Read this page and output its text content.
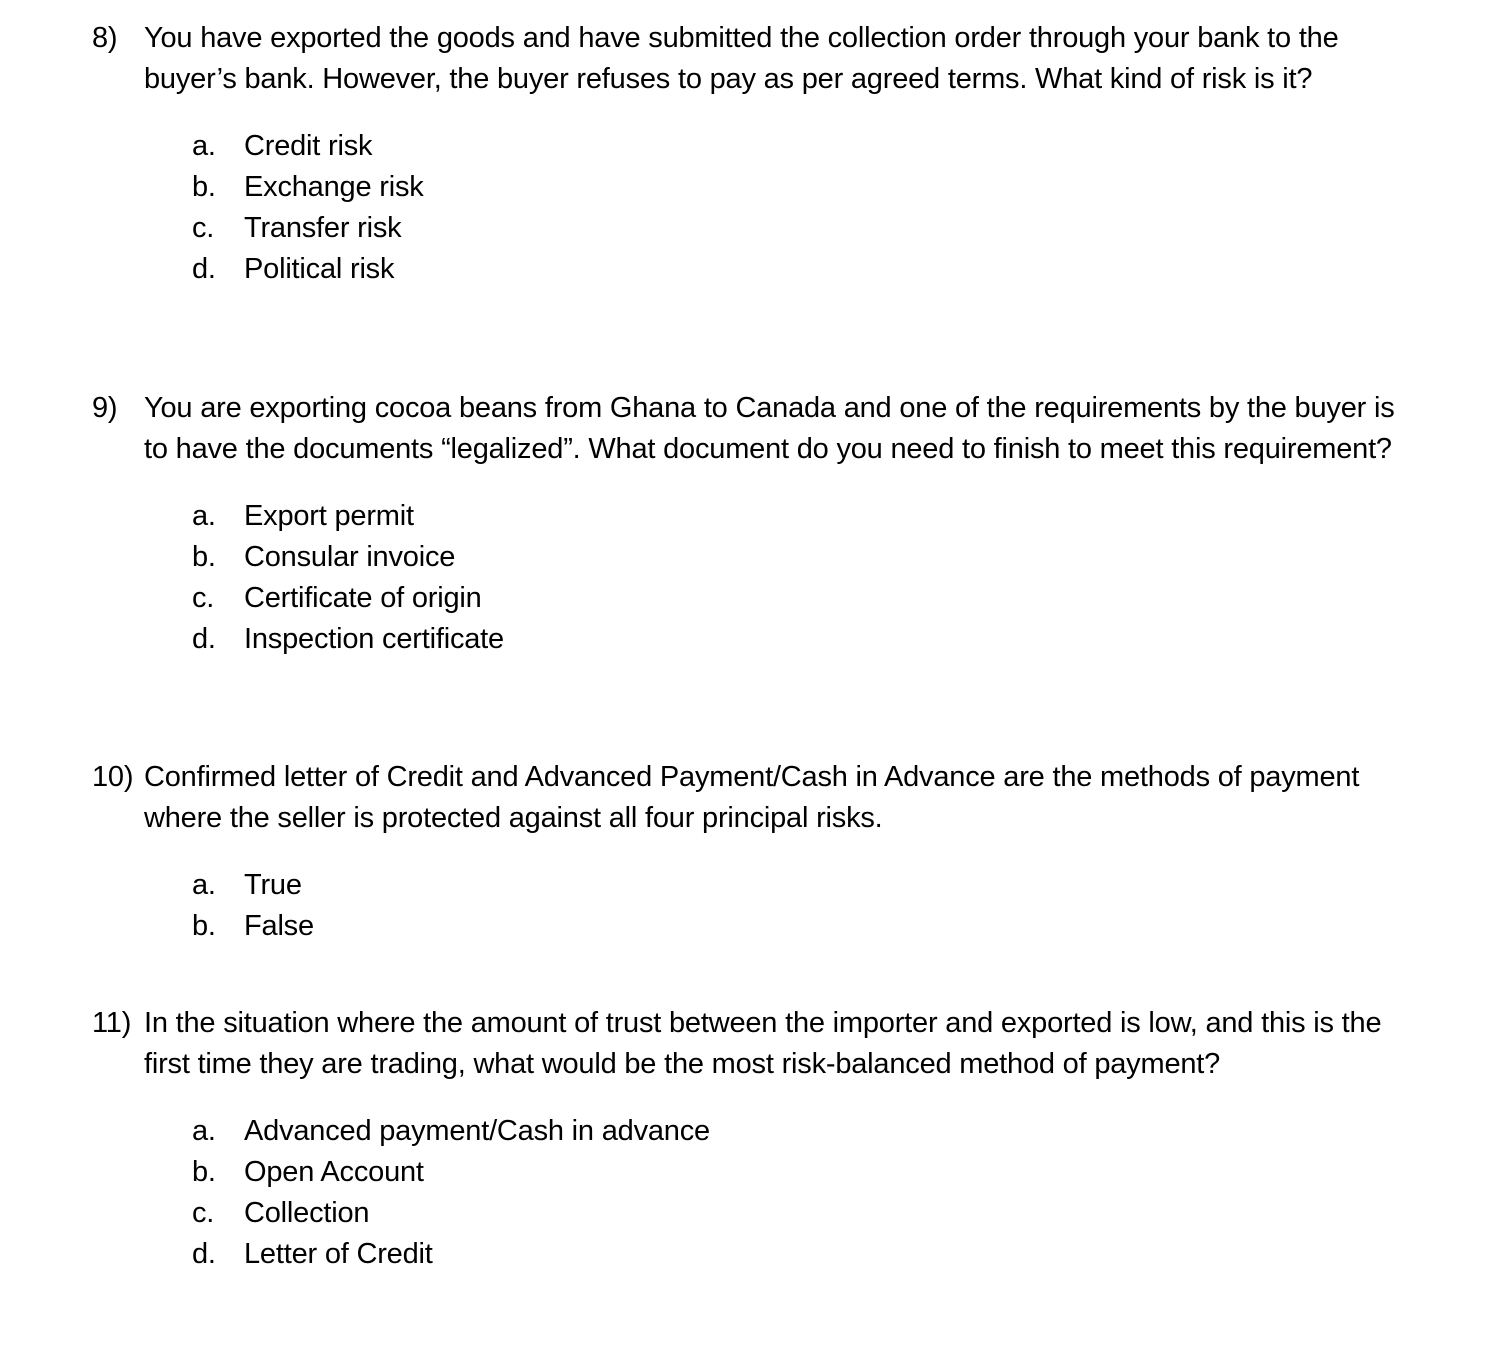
8) You have exported the goods and have submitted the collection order through your bank to the buyer’s bank. However, the buyer refuses to pay as per agreed terms. What kind of risk is it?
a. Credit risk
b. Exchange risk
c.	Transfer risk
d. Political risk
9) You are exporting cocoa beans from Ghana to Canada and one of the requirements by the buyer is to have the documents “legalized”. What document do you need to finish to meet this requirement?
a. Export permit
b. Consular invoice
c.	Certificate of origin
d. Inspection certificate
10) Confirmed letter of Credit and Advanced Payment/Cash in Advance are the methods of payment where the seller is protected against all four principal risks.
a. True
b. False
11) In the situation where the amount of trust between the importer and exported is low, and this is the first time they are trading, what would be the most risk-balanced method of payment?
a. Advanced payment/Cash in advance
b. Open Account
c.	Collection
d. Letter of Credit
